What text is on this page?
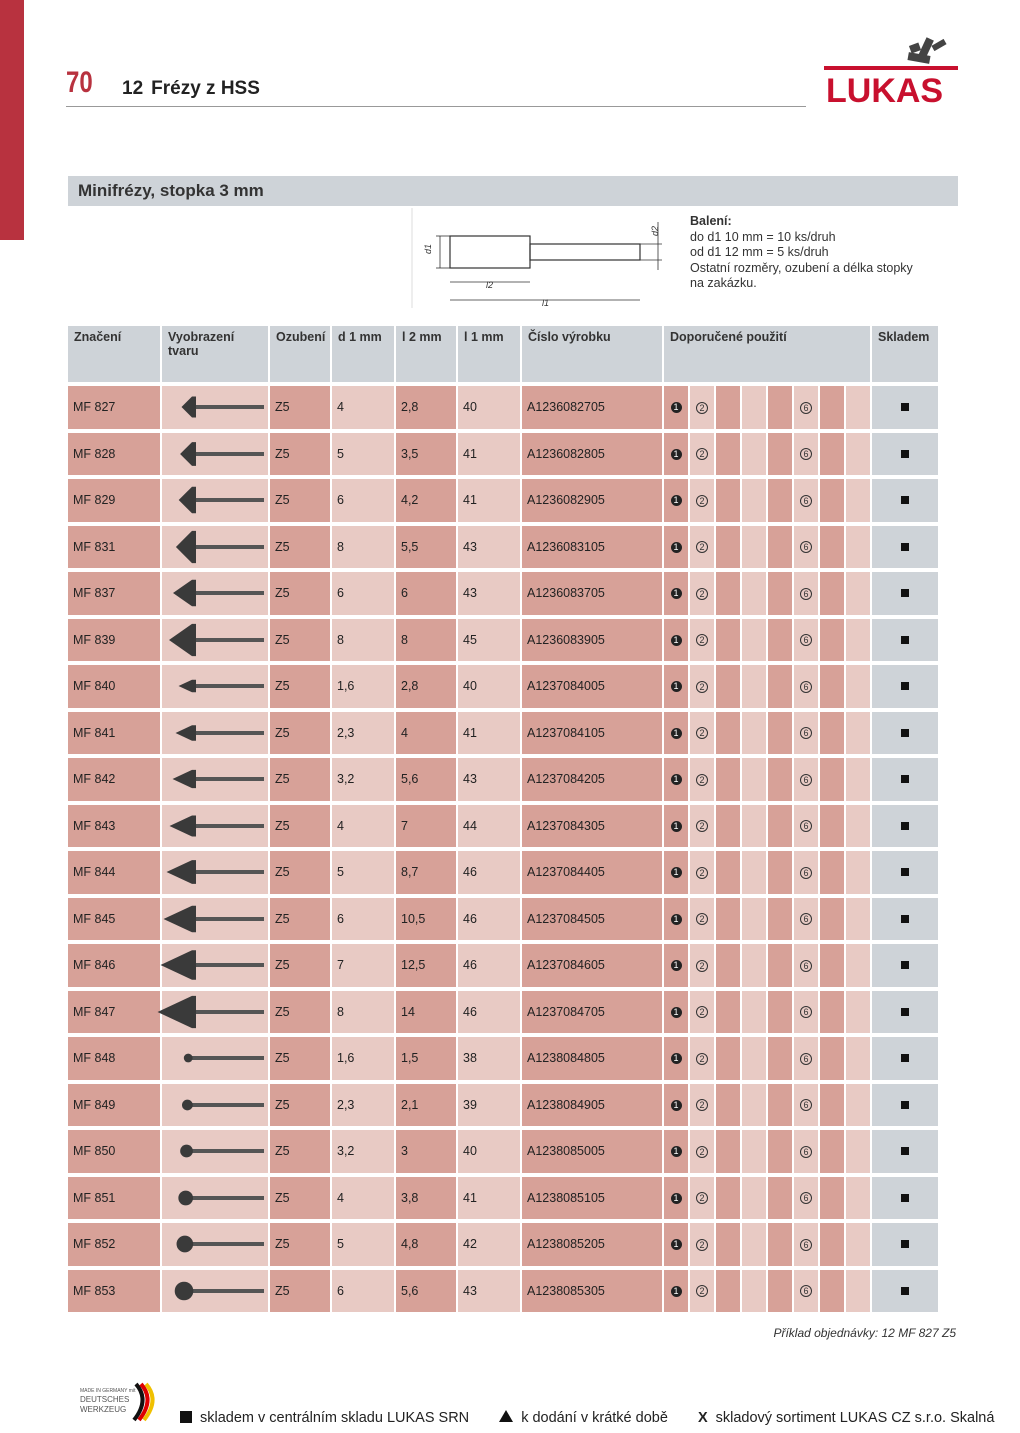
70 12 Frézy z HSS	LUKAS
Minifrézy, stopka 3 mm
d1
l2
l1
d2
Balení:
do d1 10 mm = 10 ks/druh
od d1 12 mm = 5 ks/druh
Ostatní rozměry, ozubení a délka stopky
na zakázku.
Značení	Vyobrazení tvaru	Ozubení	d 1 mm	l 2 mm	l 1 mm	Číslo výrobku	Doporučené použití								Skladem
MF 827		Z5	4	2,8	40	A1236082705	1	2				6			
MF 828		Z5	5	3,5	41	A1236082805	1	2				6			
MF 829		Z5	6	4,2	41	A1236082905	1	2				6			
MF 831		Z5	8	5,5	43	A1236083105	1	2				6			
MF 837		Z5	6	6	43	A1236083705	1	2				6			
MF 839		Z5	8	8	45	A1236083905	1	2				6			
MF 840		Z5	1,6	2,8	40	A1237084005	1	2				6			
MF 841		Z5	2,3	4	41	A1237084105	1	2				6			
MF 842		Z5	3,2	5,6	43	A1237084205	1	2				6			
MF 843		Z5	4	7	44	A1237084305	1	2				6			
MF 844		Z5	5	8,7	46	A1237084405	1	2				6			
MF 845		Z5	6	10,5	46	A1237084505	1	2				6			
MF 846		Z5	7	12,5	46	A1237084605	1	2				6			
MF 847		Z5	8	14	46	A1237084705	1	2				6			
MF 848		Z5	1,6	1,5	38	A1238084805	1	2				6			
MF 849		Z5	2,3	2,1	39	A1238084905	1	2				6			
MF 850		Z5	3,2	3	40	A1238085005	1	2				6			
MF 851		Z5	4	3,8	41	A1238085105	1	2				6			
MF 852		Z5	5	4,8	42	A1238085205	1	2				6			
MF 853		Z5	6	5,6	43	A1238085305	1	2				6			
Příklad objednávky: 12 MF 827 Z5
MADE IN GERMANY mit
DEUTSCHES
WERKZEUG
skladem v centrálním skladu LUKAS SRN	k dodání v krátké době X skladový sortiment LUKAS CZ s.r.o. Skalná
